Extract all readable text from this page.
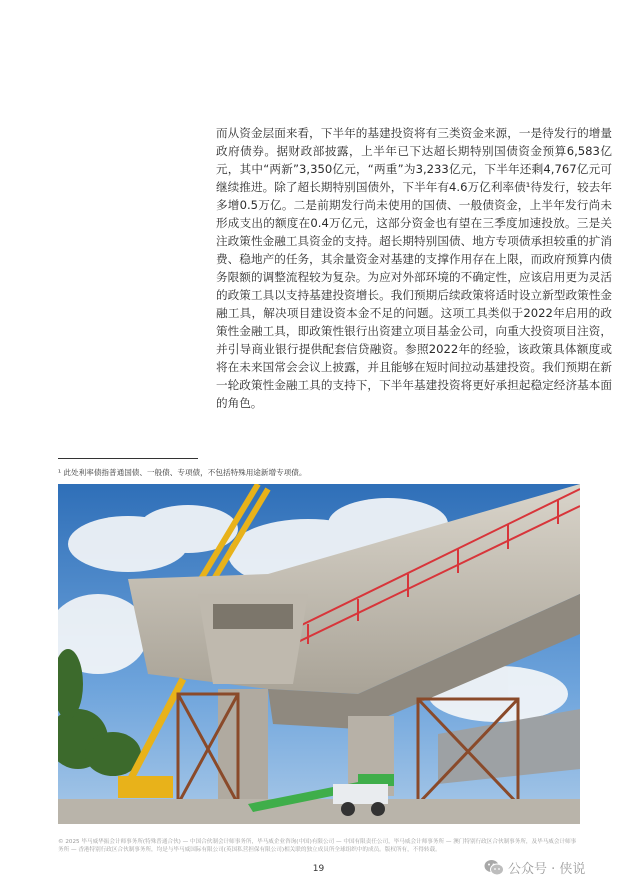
而从资金层面来看，下半年的基建投资将有三类资金来源，一是待发行的增量政府债券。据财政部披露，上半年已下达超长期特别国债资金预算6,583亿元，其中“两新”3,350亿元，“两重”为3,233亿元，下半年还剩4,767亿元可继续推进。除了超长期特别国债外，下半年有4.6万亿利率债¹待发行，较去年多增0.5万亿。二是前期发行尚未使用的国债、一般债资金，上半年发行尚未形成支出的额度在0.4万亿元，这部分资金也有望在三季度加速投放。三是关注政策性金融工具资金的支持。超长期特别国债、地方专项债承担较重的扩消费、稳地产的任务，其余量资金对基建的支撑作用存在上限，而政府预算内债务限额的调整流程较为复杂。为应对外部环境的不确定性，应该启用更为灵活的政策工具以支持基建投资增长。我们预期后续政策将适时设立新型政策性金融工具，解决项目建设资本金不足的问题。这项工具类似于2022年启用的政策性金融工具，即政策性银行出资建立项目基金公司，向重大投资项目注资，并引导商业银行提供配套信贷融资。参照2022年的经验，该政策具体额度或将在未来国常会会议上披露，并且能够在短时间拉动基建投资。我们预期在新一轮政策性金融工具的支持下，下半年基建投资将更好承担起稳定经济基本面的角色。

¹ 此处利率债指普通国债、一般债、专项债，不包括特殊用途新增专项债。

© 2025 毕马威华振会计师事务所(特殊普通合伙) — 中国合伙制会计师事务所，毕马威企业咨询(中国)有限公司 — 中国有限责任公司，毕马威会计师事务所 — 澳门特别行政区合伙制事务所，及毕马威会计师事务所 — 香港特别行政区合伙制事务所，均是与毕马威国际有限公司(英国私营担保有限公司)相关联的独立成员所全球组织中的成员。版权所有，不得转载。

19	公众号 · 侠说
